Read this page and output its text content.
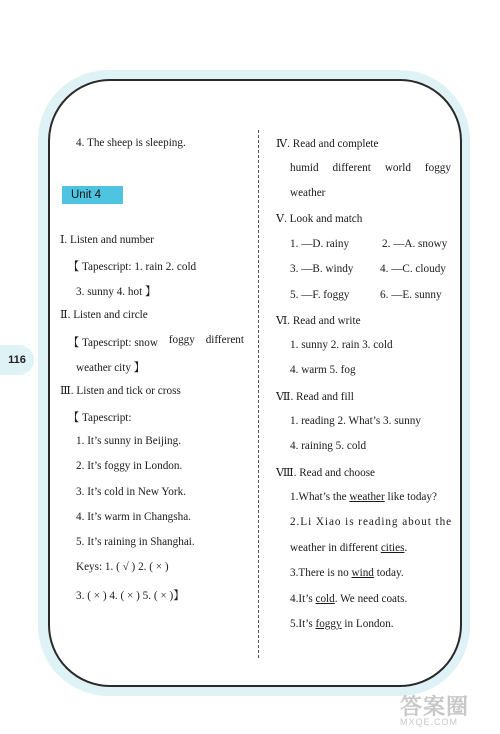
116
4. The sheep is sleeping.
Unit 4
Ⅰ. Listen and number
【 Tapescript: 1. rain 2. cold
3. sunny 4. hot 】
Ⅱ. Listen and circle
【 Tapescript: snow foggy different
weather city 】
Ⅲ. Listen and tick or cross
【 Tapescript:
1. It’s sunny in Beijing.
2. It’s foggy in London.
3. It’s cold in New York.
4. It’s warm in Changsha.
5. It’s raining in Shanghai.
Keys: 1. ( √ ) 2. ( × )
3. ( × ) 4. ( × ) 5. ( × )】
Ⅳ. Read and complete
humid different world foggy
weather
Ⅴ. Look and match
1. —D. rainy	2. —A. snowy
3. —B. windy 4. —C. cloudy
5. —F. foggy	6. —E. sunny
Ⅵ. Read and write
1. sunny 2. rain 3. cold
4. warm 5. fog
Ⅶ. Read and fill
1. reading 2. What’s 3. sunny
4. raining 5. cold
Ⅷ. Read and choose
1.What’s the weather like today?
2.Li Xiao is reading about the
weather in different cities.
3.There is no wind today.
4.It’s cold. We need coats.
5.It’s foggy in London.
答案圈
MXQE.COM
